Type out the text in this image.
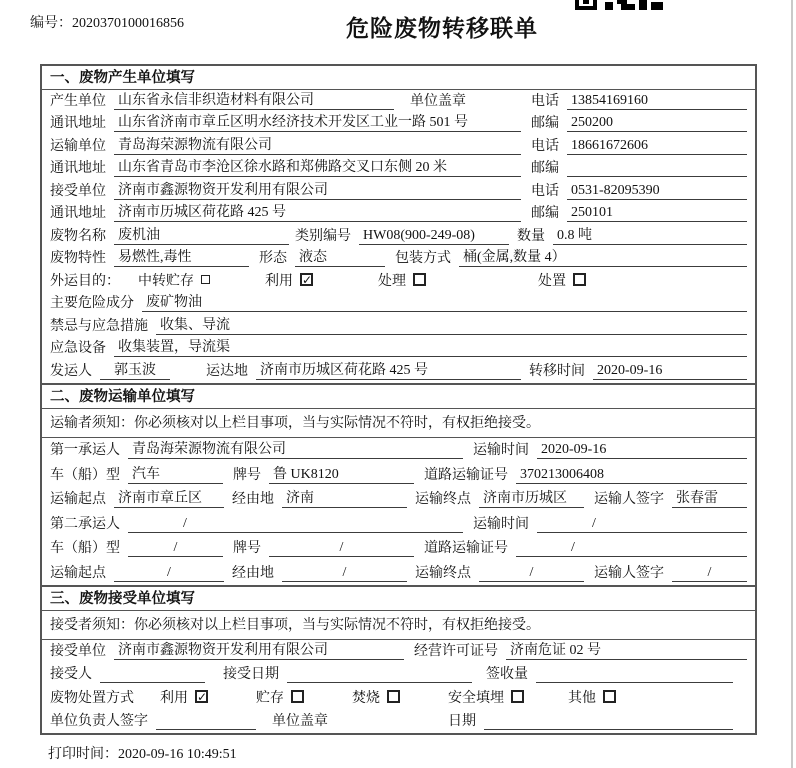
编号：2020370100016856	危险废物转移联单
一、废物产生单位填写
产生单位 山东省永信非织造材料有限公司	单位盖章	电话 13854169160
通讯地址 山东省济南市章丘区明水经济技术开发区工业一路 501 号	邮编 250200
运输单位 青岛海荣源物流有限公司	电话 18661672606
通讯地址 山东省青岛市李沧区徐水路和郑佛路交叉口东侧 20 米	邮编
接受单位 济南市鑫源物资开发利用有限公司	电话 0531-82095390
通讯地址 济南市历城区荷花路 425 号	邮编 250101
废物名称 废机油	类别编号 HW08(900-249-08)	数量 0.8 吨
废物特性 易燃性,毒性	形态 液态	包装方式 桶(金属,数量 4）
外运目的： 中转贮存	利用 ✓	处理	处置
主要危险成分 废矿物油
禁忌与应急措施 收集、导流
应急设备 收集装置，导流渠
发运人	郭玉波	运达地 济南市历城区荷花路 425 号	转移时间 2020-09-16
二、废物运输单位填写
运输者须知：你必须核对以上栏目事项，当与实际情况不符时，有权拒绝接受。
第一承运人 青岛海荣源物流有限公司	运输时间 2020-09-16
车（船）型 汽车	牌号 鲁 UK8120	道路运输证号 370213006408
运输起点 济南市章丘区	经由地 济南	运输终点 济南市历城区	运输人签字 张春雷
第二承运人	/	运输时间	/
车（船）型	/	牌号	/	道路运输证号	/
运输起点	/	经由地	/	运输终点	/	运输人签字	/
三、废物接受单位填写
接受者须知：你必须核对以上栏目事项，当与实际情况不符时，有权拒绝接受。
接受单位 济南市鑫源物资开发利用有限公司	经营许可证号 济南危证 02 号
接受人	接受日期	签收量
废物处置方式 利用 ✓	贮存	焚烧	安全填埋	其他
单位负责人签字	单位盖章	日期
打印时间：2020-09-16 10:49:51
